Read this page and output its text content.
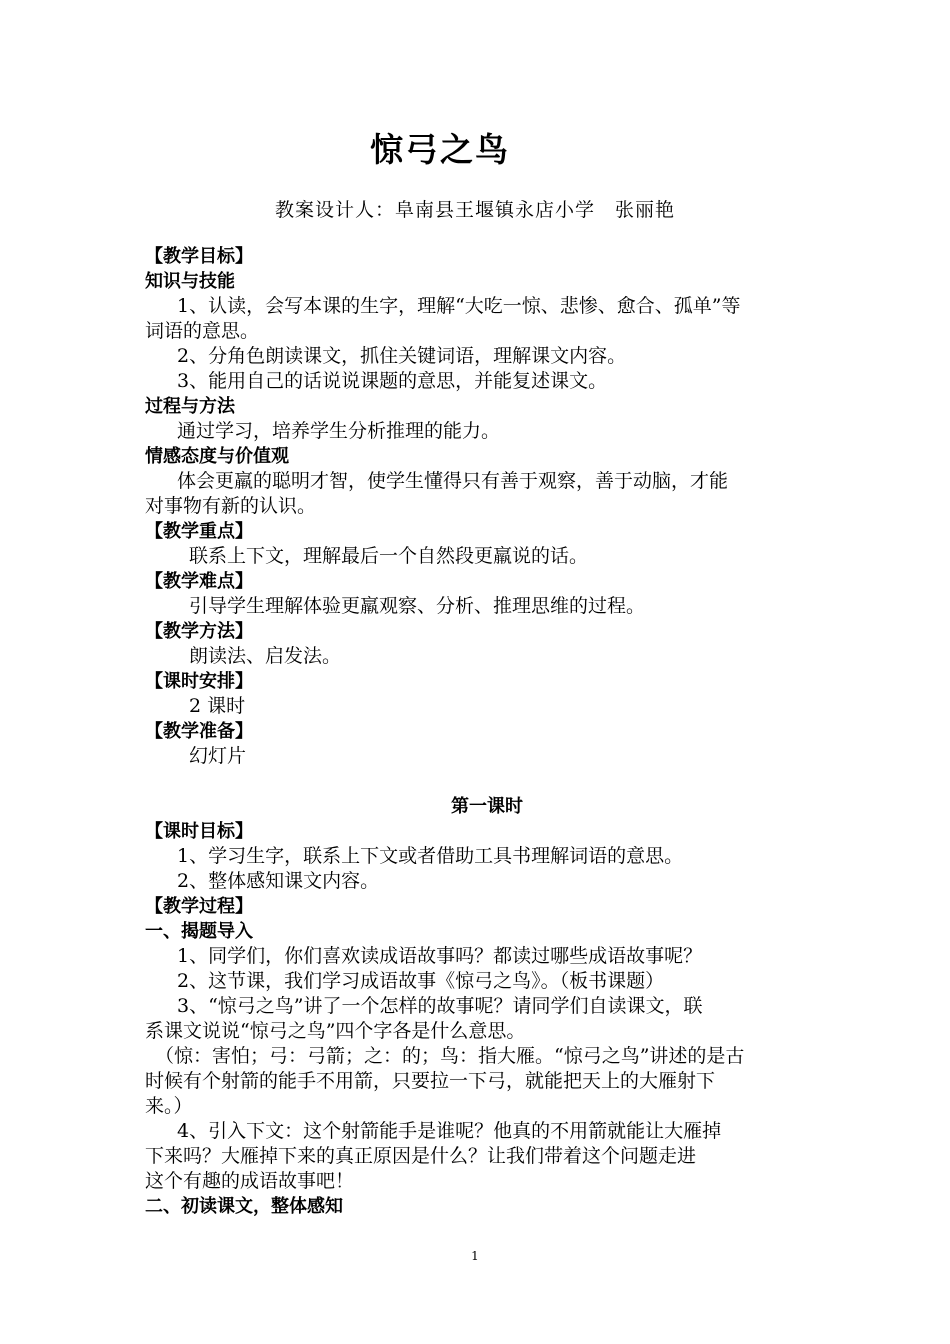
惊弓之鸟
教案设计人：阜南县王堰镇永店小学　张丽艳
【教学目标】
知识与技能
1、认读，会写本课的生字，理解“大吃一惊、悲惨、愈合、孤单”等
词语的意思。
2、分角色朗读课文，抓住关键词语，理解课文内容。
3、能用自己的话说说课题的意思，并能复述课文。
过程与方法
通过学习，培养学生分析推理的能力。
情感态度与价值观
体会更羸的聪明才智，使学生懂得只有善于观察，善于动脑，才能
对事物有新的认识。
【教学重点】
联系上下文，理解最后一个自然段更羸说的话。
【教学难点】
引导学生理解体验更羸观察、分析、推理思维的过程。
【教学方法】
朗读法、启发法。
【课时安排】
2 课时
【教学准备】
幻灯片
第一课时
【课时目标】
1、学习生字，联系上下文或者借助工具书理解词语的意思。
2、整体感知课文内容。
【教学过程】
一、揭题导入
1、同学们，你们喜欢读成语故事吗？都读过哪些成语故事呢？
2、这节课，我们学习成语故事《惊弓之鸟》。（板书课题）
3、“惊弓之鸟”讲了一个怎样的故事呢？请同学们自读课文，联
系课文说说“惊弓之鸟”四个字各是什么意思。
（惊：害怕；弓：弓箭；之：的；鸟：指大雁。“惊弓之鸟”讲述的是古
时候有个射箭的能手不用箭，只要拉一下弓，就能把天上的大雁射下
来。）
4、引入下文：这个射箭能手是谁呢？他真的不用箭就能让大雁掉
下来吗？大雁掉下来的真正原因是什么？让我们带着这个问题走进
这个有趣的成语故事吧！
二、初读课文，整体感知
1
